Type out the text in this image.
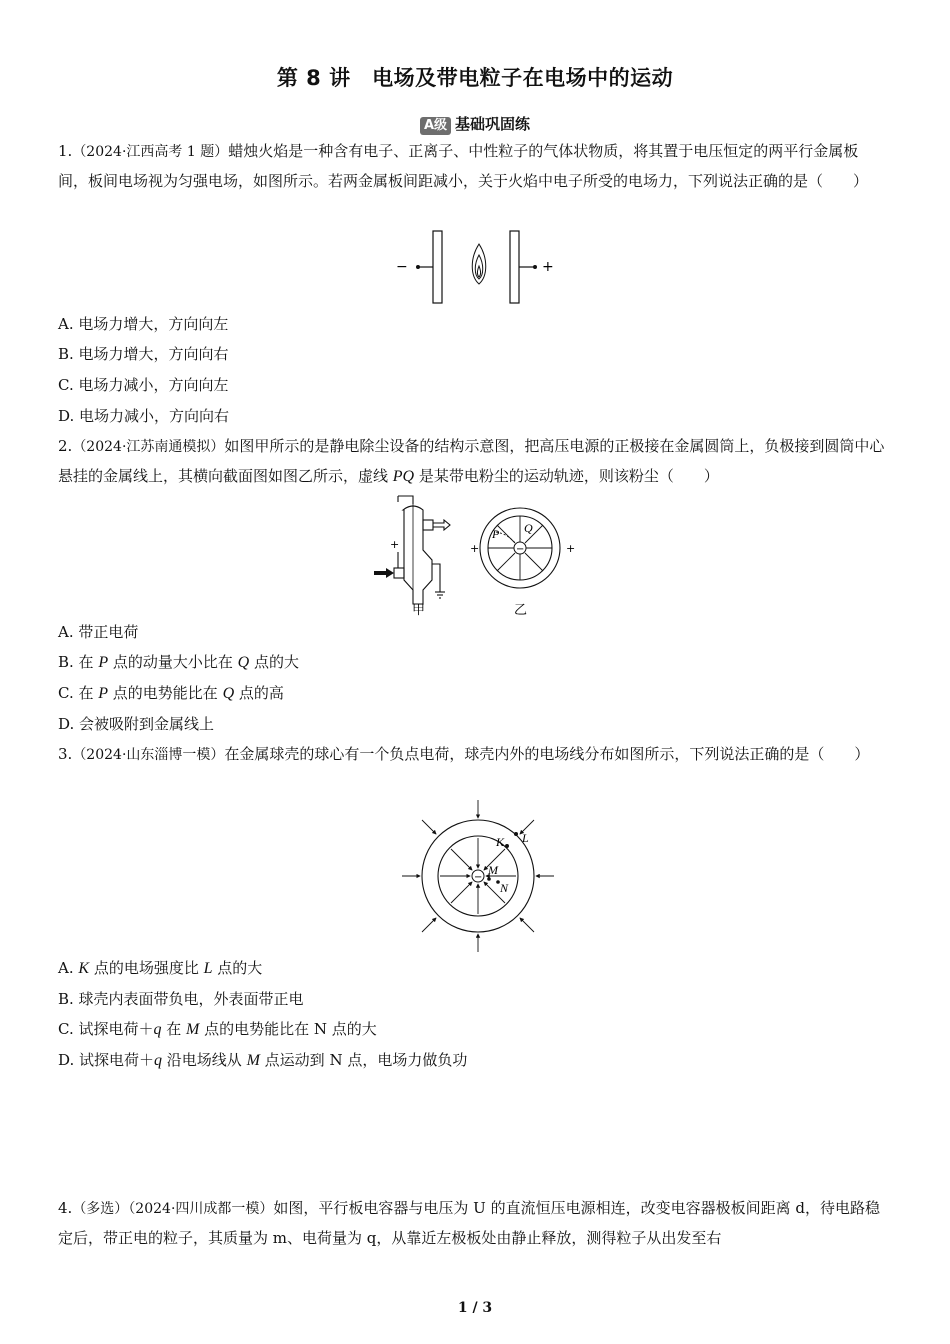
第 8 讲　电场及带电粒子在电场中的运动
A级 基础巩固练
1.（2024·江西高考 1 题）蜡烛火焰是一种含有电子、正离子、中性粒子的气体状物质，将其置于电压恒定的两平行金属板间，板间电场视为匀强电场，如图所示。若两金属板间距减小，关于火焰中电子所受的电场力，下列说法正确的是（　　）
−	+
A. 电场力增大，方向向左
B. 电场力增大，方向向右
C. 电场力减小，方向向左
D. 电场力减小，方向向右
2.（2024·江苏南通模拟）如图甲所示的是静电除尘设备的结构示意图，把高压电源的正极接在金属圆筒上，负极接到圆筒中心悬挂的金属线上，其横向截面图如图乙所示，虚线 PQ 是某带电粉尘的运动轨迹，则该粉尘（　　）
+
甲
−
P Q
+	+
乙
A. 带正电荷
B. 在 P 点的动量大小比在 Q 点的大
C. 在 P 点的电势能比在 Q 点的高
D. 会被吸附到金属线上
3.（2024·山东淄博一模）在金属球壳的球心有一个负点电荷，球壳内外的电场线分布如图所示，下列说法正确的是（　　）
−
K L
M
N
A. K 点的电场强度比 L 点的大
B. 球壳内表面带负电，外表面带正电
C. 试探电荷＋q 在 M 点的电势能比在 N 点的大
D. 试探电荷＋q 沿电场线从 M 点运动到 N 点，电场力做负功
4.（多选）（2024·四川成都一模）如图，平行板电容器与电压为 U 的直流恒压电源相连，改变电容器极板间距离 d，待电路稳定后，带正电的粒子，其质量为 m、电荷量为 q，从靠近左极板处由静止释放，测得粒子从出发至右
1 / 3
